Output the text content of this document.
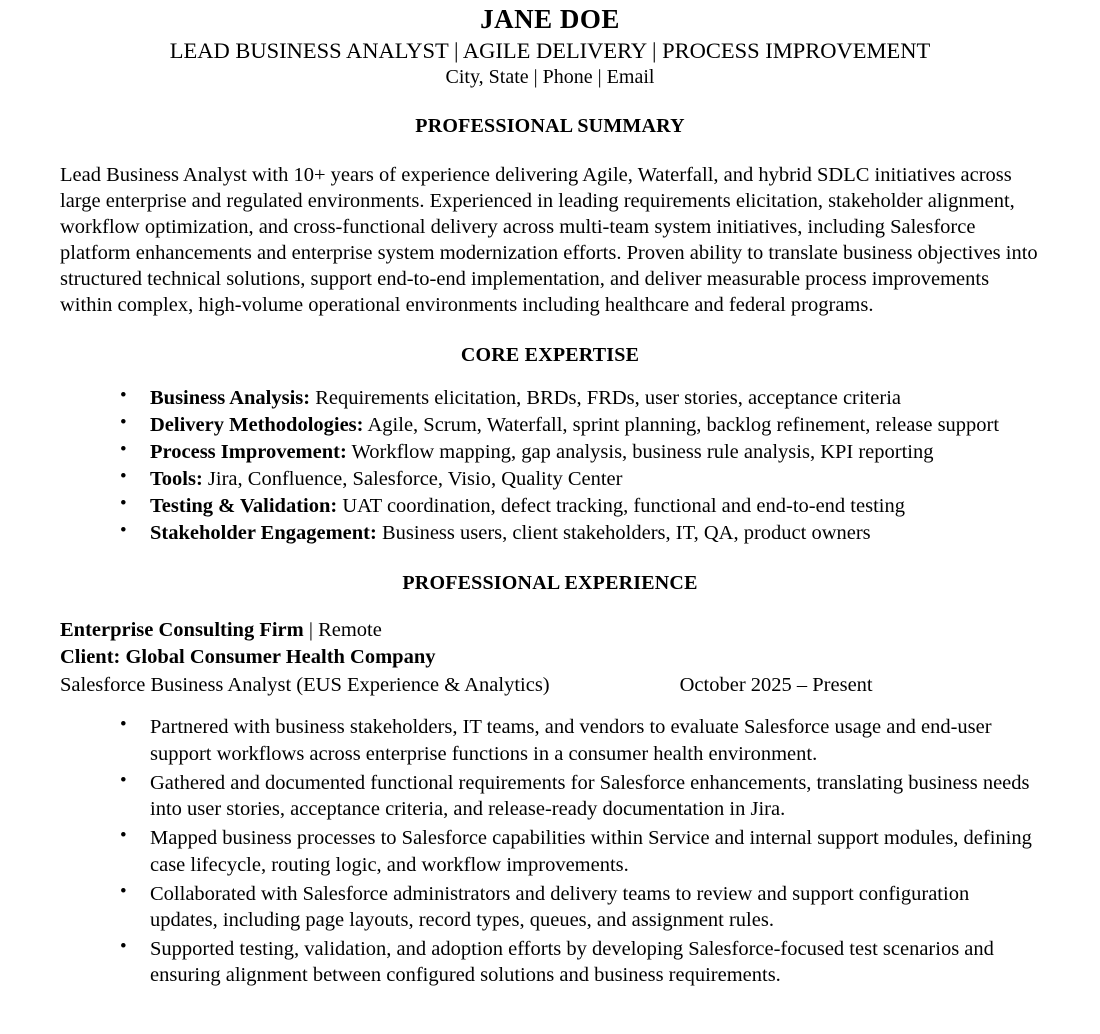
JANE DOE
LEAD BUSINESS ANALYST | AGILE DELIVERY | PROCESS IMPROVEMENT
City, State | Phone | Email
PROFESSIONAL SUMMARY

Lead Business Analyst with 10+ years of experience delivering Agile, Waterfall, and hybrid SDLC initiatives across large enterprise and regulated environments. Experienced in leading requirements elicitation, stakeholder alignment, workflow optimization, and cross-functional delivery across multi-team system initiatives, including Salesforce platform enhancements and enterprise system modernization efforts. Proven ability to translate business objectives into structured technical solutions, support end-to-end implementation, and deliver measurable process improvements within complex, high-volume operational environments including healthcare and federal programs.

CORE EXPERTISE
• Business Analysis: Requirements elicitation, BRDs, FRDs, user stories, acceptance criteria
• Delivery Methodologies: Agile, Scrum, Waterfall, sprint planning, backlog refinement, release support
• Process Improvement: Workflow mapping, gap analysis, business rule analysis, KPI reporting
• Tools: Jira, Confluence, Salesforce, Visio, Quality Center
• Testing & Validation: UAT coordination, defect tracking, functional and end-to-end testing
• Stakeholder Engagement: Business users, client stakeholders, IT, QA, product owners
PROFESSIONAL EXPERIENCE
Enterprise Consulting Firm | Remote
Client: Global Consumer Health Company
Salesforce Business Analyst (EUS Experience & Analytics)	October 2025 – Present
• Partnered with business stakeholders, IT teams, and vendors to evaluate Salesforce usage and end-user support workflows across enterprise functions in a consumer health environment.
• Gathered and documented functional requirements for Salesforce enhancements, translating business needs into user stories, acceptance criteria, and release-ready documentation in Jira.
• Mapped business processes to Salesforce capabilities within Service and internal support modules, defining case lifecycle, routing logic, and workflow improvements.
• Collaborated with Salesforce administrators and delivery teams to review and support configuration updates, including page layouts, record types, queues, and assignment rules.
• Supported testing, validation, and adoption efforts by developing Salesforce-focused test scenarios and ensuring alignment between configured solutions and business requirements.
